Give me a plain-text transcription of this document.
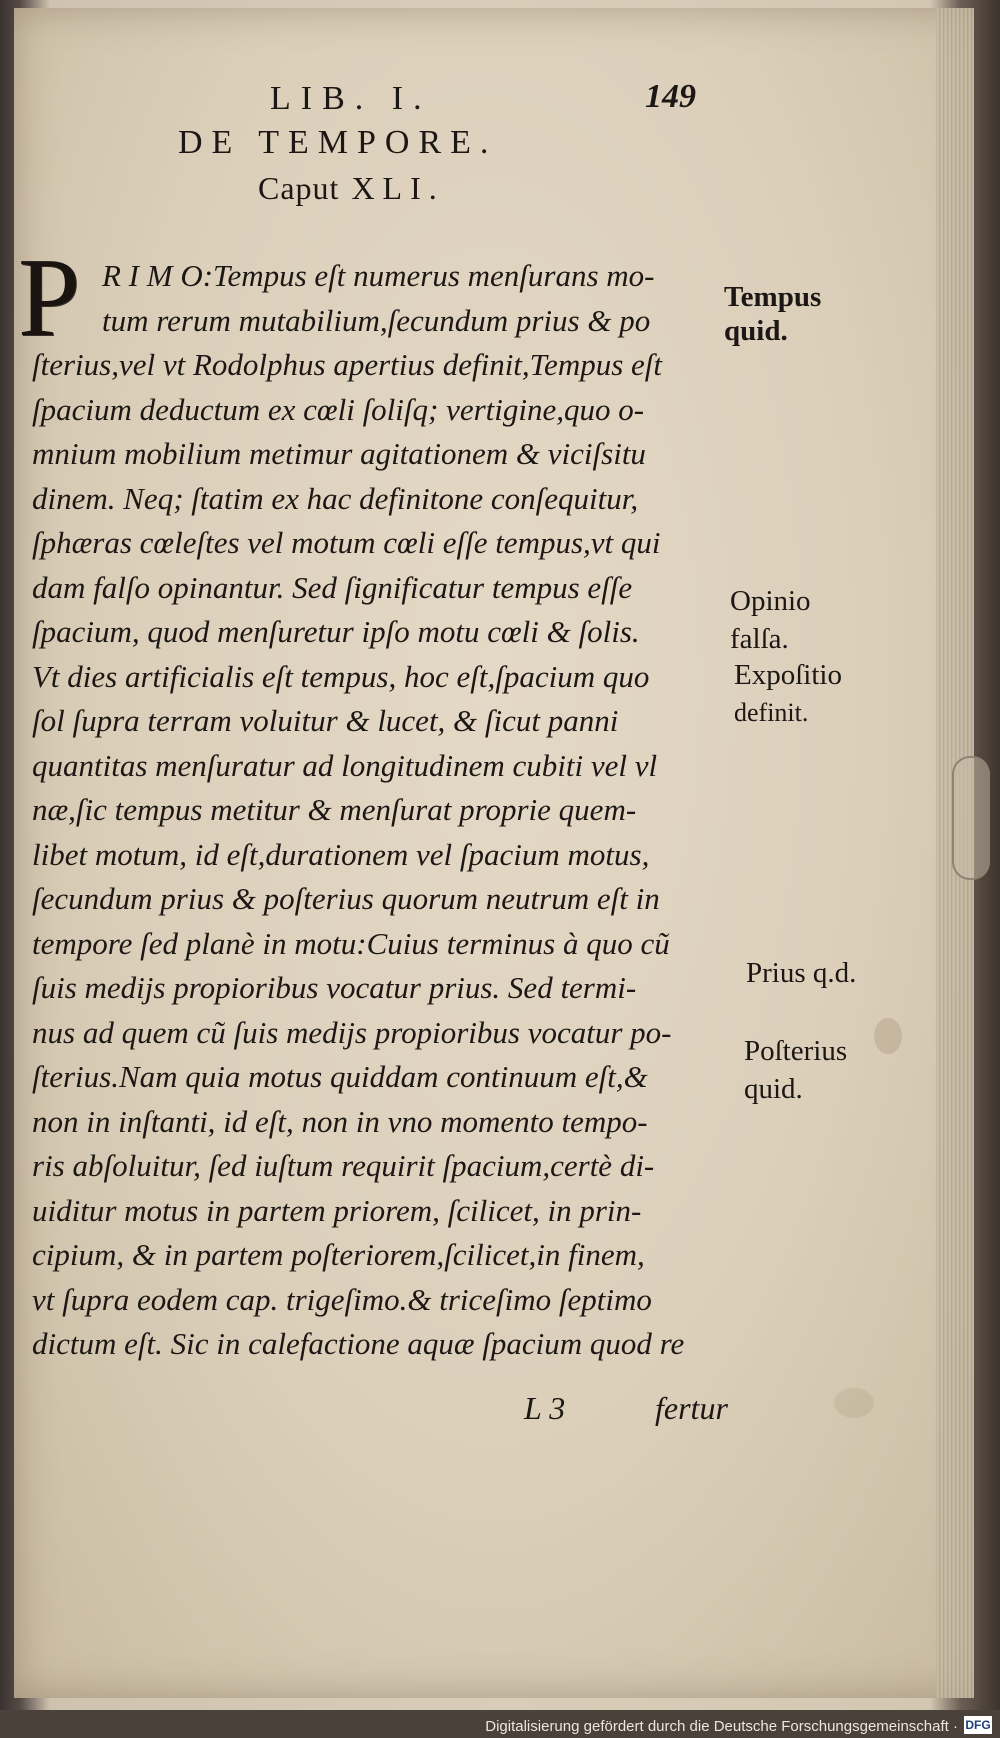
LIB. I.	149
DE TEMPORE.
Caput XLI.
P R I M O:Tempus eſt numerus menſurans mo-
tum rerum mutabilium,ſecundum prius & po
ſterius,vel vt Rodolphus apertius definit,Tempus eſt
ſpacium deductum ex cœli ſoliſq; vertigine,quo o-
mnium mobilium metimur agitationem & viciſsitu
dinem. Neq; ſtatim ex hac definitone conſequitur,
ſphæras cœleſtes vel motum cœli eſſe tempus,vt qui
dam falſo opinantur. Sed ſignificatur tempus eſſe
ſpacium, quod menſuretur ipſo motu cœli & ſolis.
Vt dies artificialis eſt tempus, hoc eſt,ſpacium quo
ſol ſupra terram voluitur & lucet, & ſicut panni
quantitas menſuratur ad longitudinem cubiti vel vl
næ,ſic tempus metitur & menſurat proprie quem-
libet motum, id eſt,durationem vel ſpacium motus,
ſecundum prius & poſterius quorum neutrum eſt in
tempore ſed planè in motu:Cuius terminus à quo cũ
ſuis medijs propioribus vocatur prius. Sed termi-
nus ad quem cũ ſuis medijs propioribus vocatur po-
ſterius.Nam quia motus quiddam continuum eſt,&
non in inſtanti, id eſt, non in vno momento tempo-
ris abſoluitur, ſed iuſtum requirit ſpacium,certè di-
uiditur motus in partem priorem, ſcilicet, in prin-
cipium, & in partem poſteriorem,ſcilicet,in finem,
vt ſupra eodem cap. trigeſimo.& triceſimo ſeptimo
dictum eſt. Sic in calefactione aquæ ſpacium quod re
Tempus
quid.
Opinio
falſa.
Expoſitio
definit.
Prius q.d.
Poſterius
quid.
L 3	fertur
Digitalisierung gefördert durch die Deutsche Forschungsgemeinschaft · DFG
